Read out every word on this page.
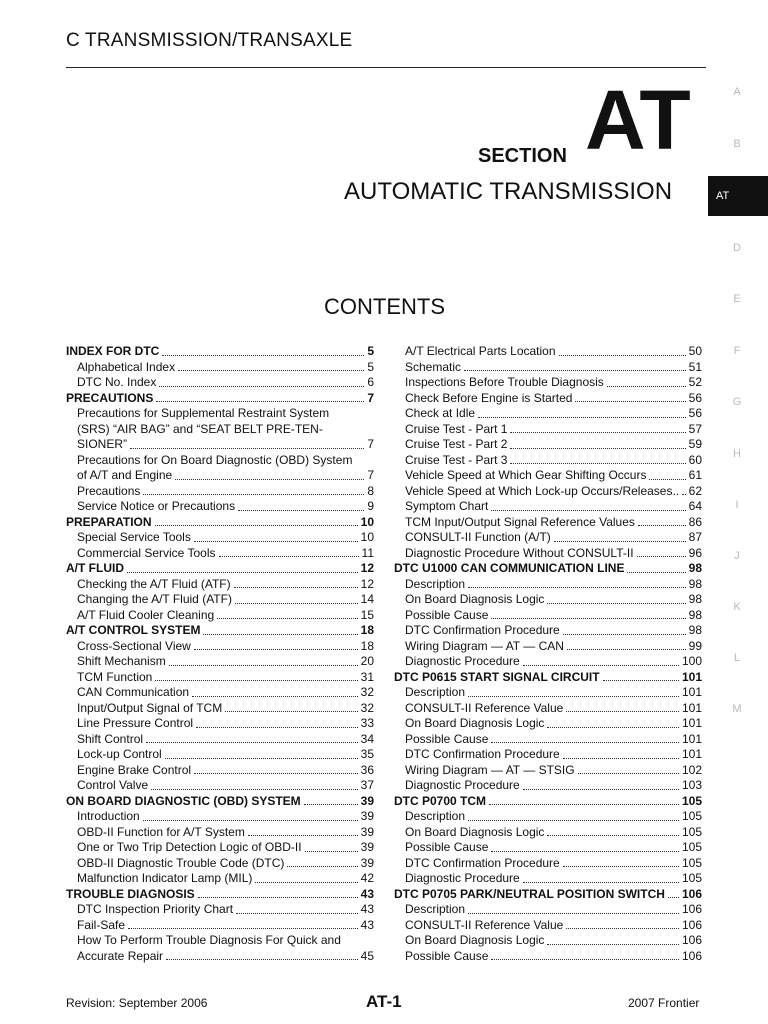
C TRANSMISSION/TRANSAXLE
SECTION AT
AUTOMATIC TRANSMISSION
CONTENTS
A
B
AT
D
E
F
G
H
I
J
K
L
M
INDEX FOR DTC	5
Alphabetical Index	5
DTC No. Index	6
PRECAUTIONS	7
Precautions for Supplemental Restraint System
(SRS) “AIR BAG” and “SEAT BELT PRE-TEN-
SIONER”	7
Precautions for On Board Diagnostic (OBD) System
of A/T and Engine	7
Precautions	8
Service Notice or Precautions	9
PREPARATION	10
Special Service Tools	10
Commercial Service Tools	11
A/T FLUID	12
Checking the A/T Fluid (ATF)	12
Changing the A/T Fluid (ATF)	14
A/T Fluid Cooler Cleaning	15
A/T CONTROL SYSTEM	18
Cross-Sectional View	18
Shift Mechanism	20
TCM Function	31
CAN Communication	32
Input/Output Signal of TCM	32
Line Pressure Control	33
Shift Control	34
Lock-up Control	35
Engine Brake Control	36
Control Valve	37
ON BOARD DIAGNOSTIC (OBD) SYSTEM	39
Introduction	39
OBD-II Function for A/T System	39
One or Two Trip Detection Logic of OBD-II	39
OBD-II Diagnostic Trouble Code (DTC)	39
Malfunction Indicator Lamp (MIL)	42
TROUBLE DIAGNOSIS	43
DTC Inspection Priority Chart	43
Fail-Safe	43
How To Perform Trouble Diagnosis For Quick and
Accurate Repair	45
A/T Electrical Parts Location	50
Schematic	51
Inspections Before Trouble Diagnosis	52
Check Before Engine is Started	56
Check at Idle	56
Cruise Test - Part 1	57
Cruise Test - Part 2	59
Cruise Test - Part 3	60
Vehicle Speed at Which Gear Shifting Occurs	61
Vehicle Speed at Which Lock-up Occurs/Releases.. 62
Symptom Chart	64
TCM Input/Output Signal Reference Values	86
CONSULT-II Function (A/T)	87
Diagnostic Procedure Without CONSULT-II	96
DTC U1000 CAN COMMUNICATION LINE	98
Description	98
On Board Diagnosis Logic	98
Possible Cause	98
DTC Confirmation Procedure	98
Wiring Diagram — AT — CAN	99
Diagnostic Procedure	100
DTC P0615 START SIGNAL CIRCUIT	101
Description	101
CONSULT-II Reference Value	101
On Board Diagnosis Logic	101
Possible Cause	101
DTC Confirmation Procedure	101
Wiring Diagram — AT — STSIG	102
Diagnostic Procedure	103
DTC P0700 TCM	105
Description	105
On Board Diagnosis Logic	105
Possible Cause	105
DTC Confirmation Procedure	105
Diagnostic Procedure	105
DTC P0705 PARK/NEUTRAL POSITION SWITCH 106
Description	106
CONSULT-II Reference Value	106
On Board Diagnosis Logic	106
Possible Cause	106
Revision: September 2006	AT-1	2007 Frontier
